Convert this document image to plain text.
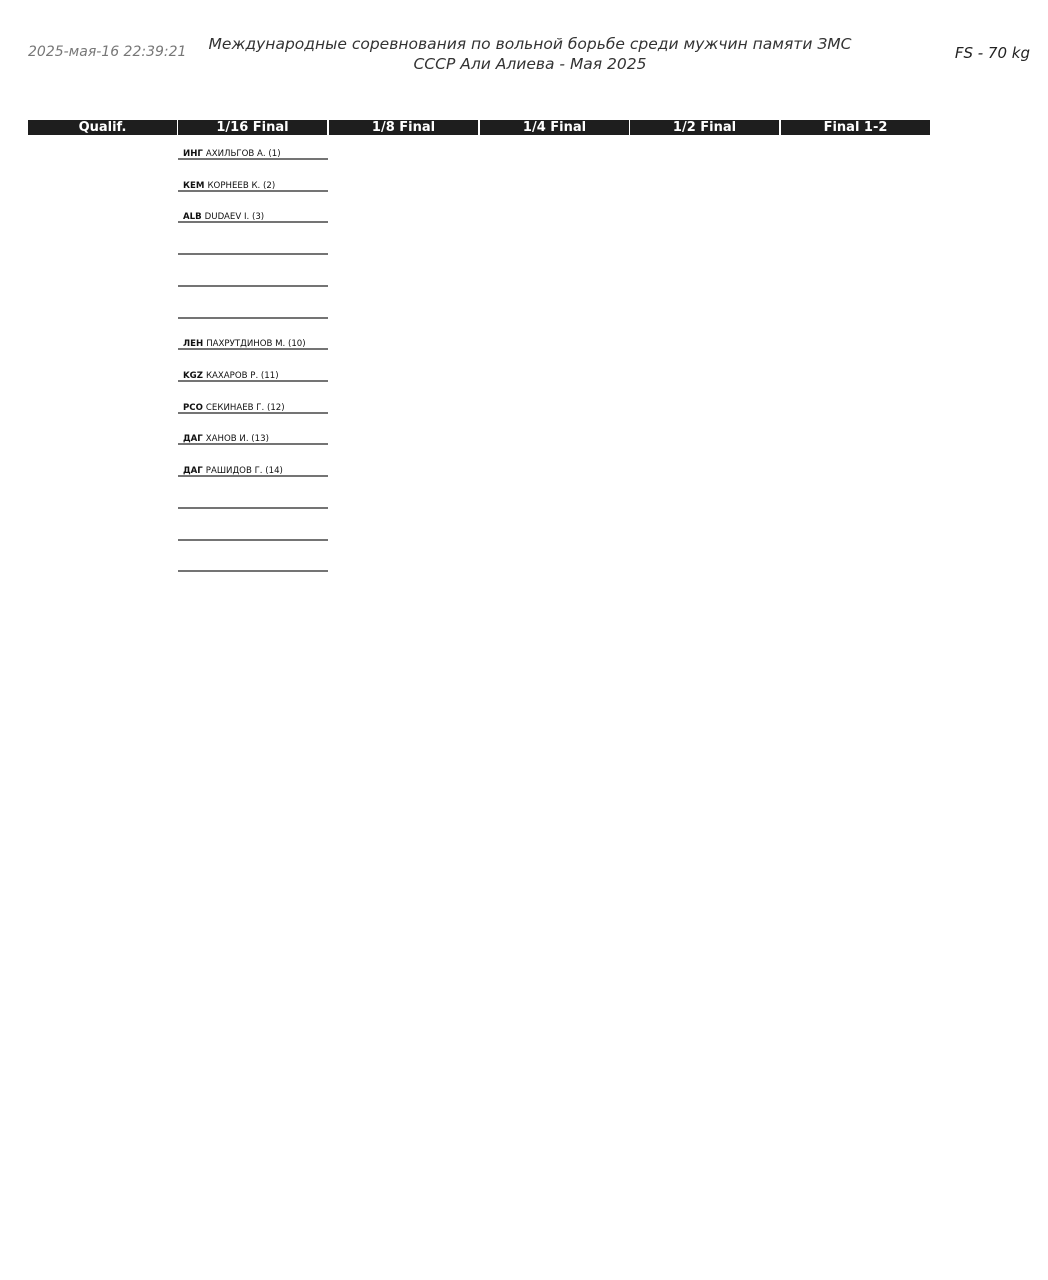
2025-мая-16 22:39:21	Международные соревнования по вольной борьбе среди мужчин памяти ЗМС
СССР Али Алиева - Мая 2025
FS - 70 kg
Qualif.	1/16 Final	1/8 Final	1/4 Final	1/2 Final	Final 1-2
ИНГ АХИЛЬГОВ А. (1)
КЕМ КОРНЕЕВ К. (2)
ALB DUDAEV I. (3)
ЛЕН ПАХРУТДИНОВ М. (10)
KGZ КАХАРОВ Р. (11)
РСО СЕКИНАЕВ Г. (12)
ДАГ ХАНОВ И. (13)
ДАГ РАШИДОВ Г. (14)
